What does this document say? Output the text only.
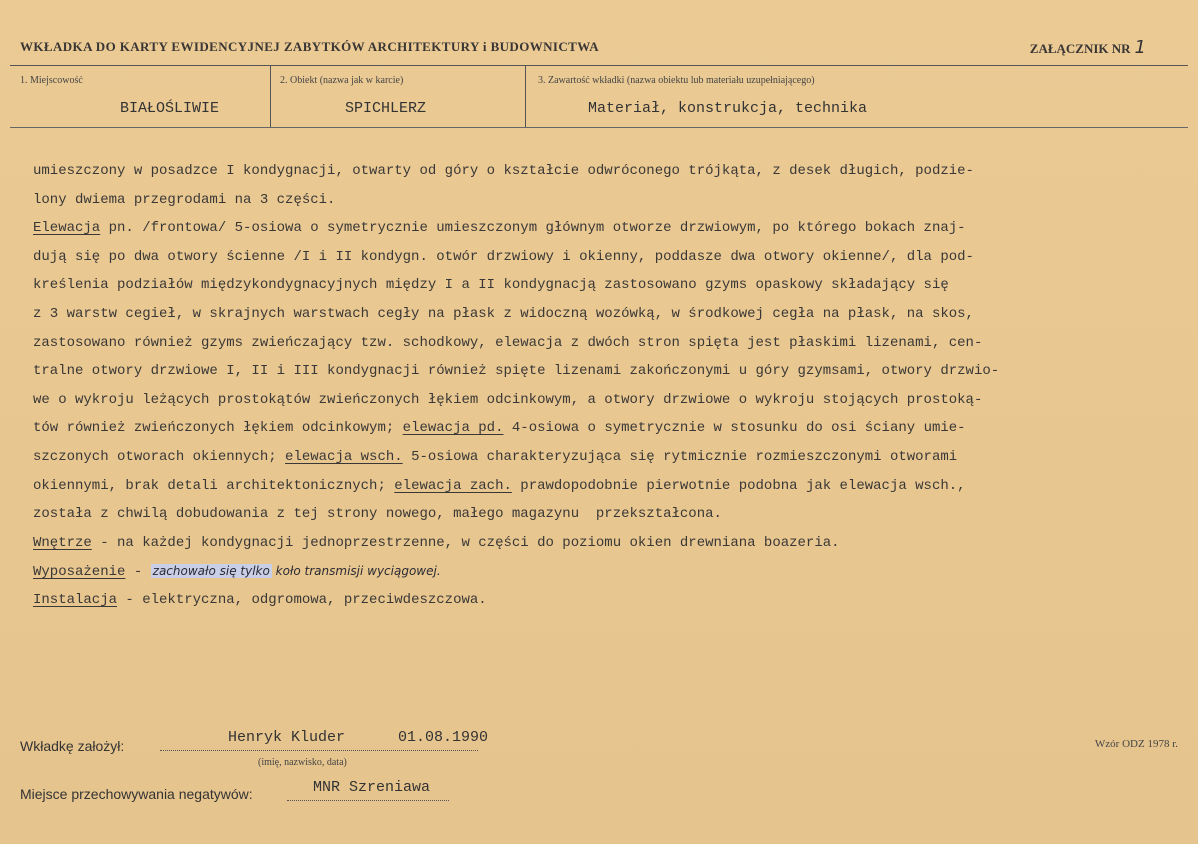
WKŁADKA DO KARTY EWIDENCYJNEJ ZABYTKÓW ARCHITEKTURY i BUDOWNICTWA	ZAŁĄCZNIK NR 1
1. Miejscowość
BIAŁOŚLIWIE
2. Obiekt (nazwa jak w karcie)
SPICHLERZ
3. Zawartość wkładki (nazwa obiektu lub materiału uzupełniającego)
Materiał, konstrukcja, technika
umieszczony w posadzce I kondygnacji, otwarty od góry o kształcie odwróconego trójkąta, z desek długich, podzie-
lony dwiema przegrodami na 3 części.
Elewacja pn. /frontowa/ 5-osiowa o symetrycznie umieszczonym głównym otworze drzwiowym, po którego bokach znaj-
dują się po dwa otwory ścienne /I i II kondygn. otwór drzwiowy i okienny, poddasze dwa otwory okienne/, dla pod-
kreślenia podziałów międzykondygnacyjnych między I a II kondygnacją zastosowano gzyms opaskowy składający się
z 3 warstw cegieł, w skrajnych warstwach cegły na płask z widoczną wozówką, w środkowej cegła na płask, na skos,
zastosowano również gzyms zwieńczający tzw. schodkowy, elewacja z dwóch stron spięta jest płaskimi lizenami, cen-
tralne otwory drzwiowe I, II i III kondygnacji również spięte lizenami zakończonymi u góry gzymsami, otwory drzwio-
we o wykroju leżących prostokątów zwieńczonych łękiem odcinkowym, a otwory drzwiowe o wykroju stojących prostoką-
tów również zwieńczonych łękiem odcinkowym; elewacja pd. 4-osiowa o symetrycznie w stosunku do osi ściany umie-
szczonych otworach okiennych; elewacja wsch. 5-osiowa charakteryzująca się rytmicznie rozmieszczonymi otworami
okiennymi, brak detali architektonicznych; elewacja zach. prawdopodobnie pierwotnie podobna jak elewacja wsch.,
została z chwilą dobudowania z tej strony nowego, małego magazynu  przekształcona.
Wnętrze - na każdej kondygnacji jednoprzestrzenne, w części do poziomu okien drewniana boazeria.
Wyposażenie - zachowało się tylko koło transmisji wyciągowej.
Instalacja - elektryczna, odgromowa, przeciwdeszczowa.
Wkładkę założył:	Henryk Kluder	01.08.1990
(imię, nazwisko, data)
Miejsce przechowywania negatywów:	MNR Szreniawa
Wzór ODZ 1978 r.
